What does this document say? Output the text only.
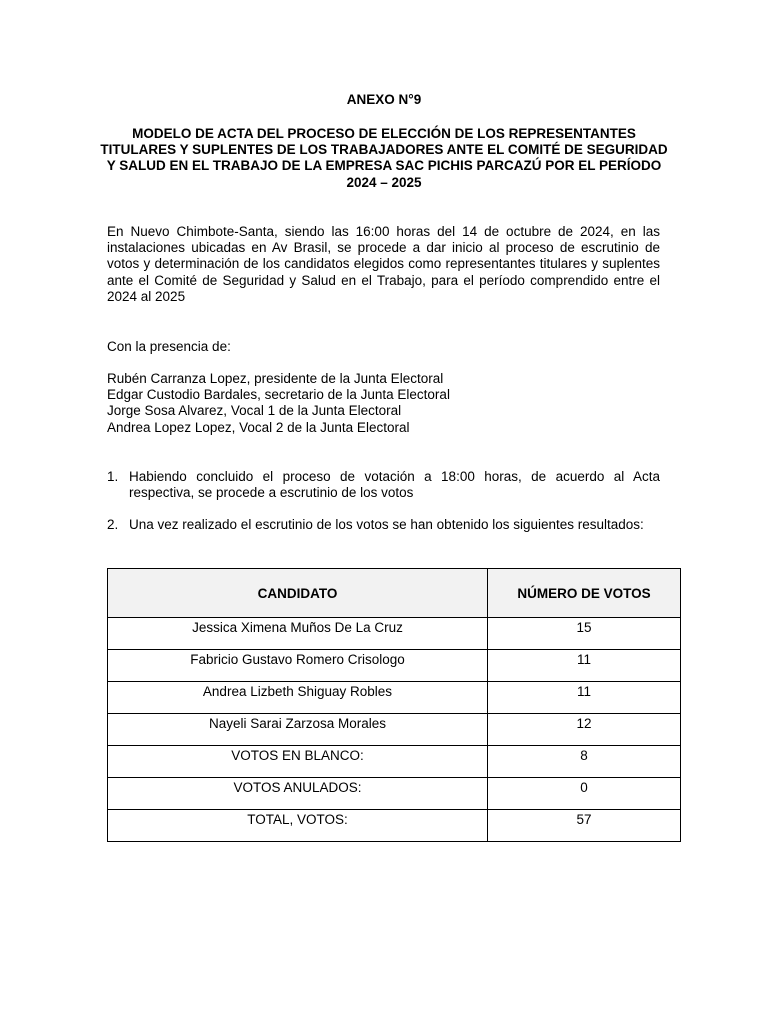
ANEXO N°9
MODELO DE ACTA DEL PROCESO DE ELECCIÓN DE LOS REPRESENTANTES TITULARES Y SUPLENTES DE LOS TRABAJADORES ANTE EL COMITÉ DE SEGURIDAD Y SALUD EN EL TRABAJO DE LA EMPRESA SAC PICHIS PARCAZÚ POR EL PERÍODO 2024 – 2025
En Nuevo Chimbote-Santa, siendo las 16:00 horas del 14 de octubre de 2024, en las instalaciones ubicadas en Av Brasil, se procede a dar inicio al proceso de escrutinio de votos y determinación de los candidatos elegidos como representantes titulares y suplentes ante el Comité de Seguridad y Salud en el Trabajo, para el período comprendido entre el 2024 al 2025
Con la presencia de:
Rubén Carranza Lopez, presidente de la Junta Electoral
Edgar Custodio Bardales, secretario de la Junta Electoral
Jorge Sosa Alvarez, Vocal 1 de la Junta Electoral
Andrea Lopez Lopez, Vocal 2 de la Junta Electoral
1. Habiendo concluido el proceso de votación a 18:00 horas, de acuerdo al Acta respectiva, se procede a escrutinio de los votos
2. Una vez realizado el escrutinio de los votos se han obtenido los siguientes resultados:
CANDIDATO	NÚMERO DE VOTOS
Jessica Ximena Muños De La Cruz	15
Fabricio Gustavo Romero Crisologo	11
Andrea Lizbeth Shiguay Robles	11
Nayeli Sarai Zarzosa Morales	12
VOTOS EN BLANCO:	8
VOTOS ANULADOS:	0
TOTAL, VOTOS:	57
